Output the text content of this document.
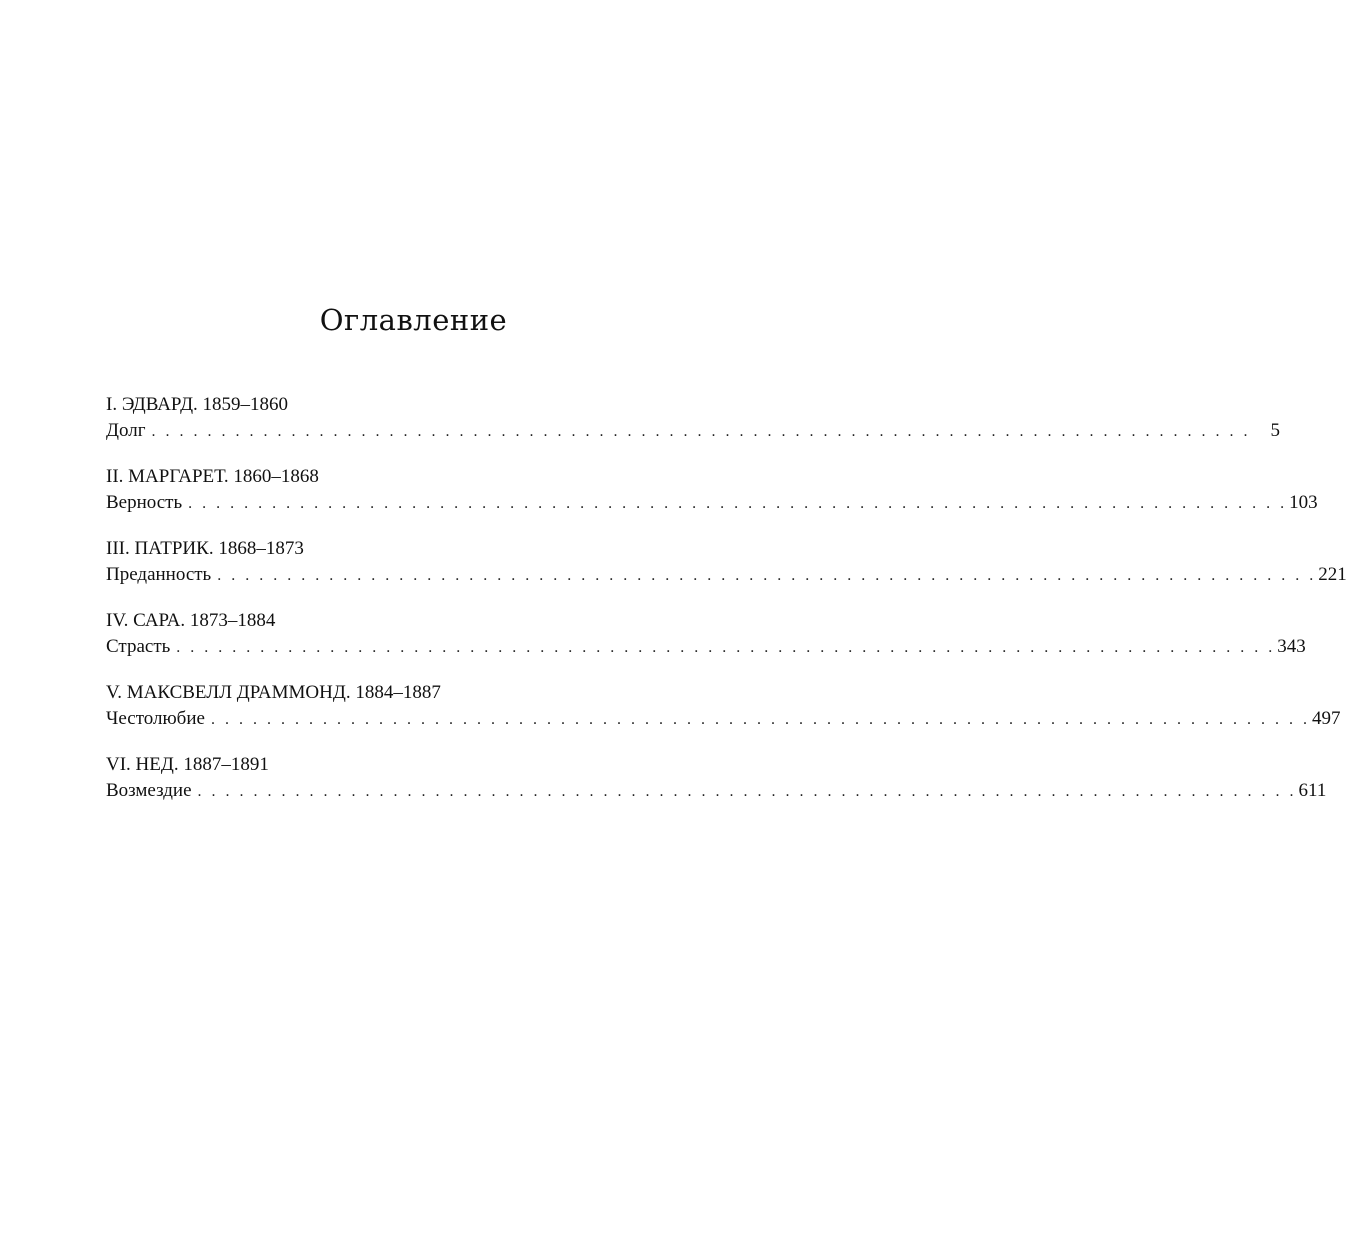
Оглавление
I. ЭДВАРД. 1859–1860
Долг . . . . . . . . . . . . . . . . . . . . . . . . . . . . . . . . . . . . . . . . . . . . . . . . . . . . . . . . . . . . . . . . . . . . . . . . . . . . . . .	5
II. МАРГАРЕТ. 1860–1868
Верность . . . . . . . . . . . . . . . . . . . . . . . . . . . . . . . . . . . . . . . . . . . . . . . . . . . . . . . . . . . . . . . . . . . . . . . . . . . . . . . 103
III. ПАТРИК. 1868–1873
Преданность . . . . . . . . . . . . . . . . . . . . . . . . . . . . . . . . . . . . . . . . . . . . . . . . . . . . . . . . . . . . . . . . . . . . . . . . . . . . . . . 221
IV. САРА. 1873–1884
Страсть . . . . . . . . . . . . . . . . . . . . . . . . . . . . . . . . . . . . . . . . . . . . . . . . . . . . . . . . . . . . . . . . . . . . . . . . . . . . . . . 343
V. МАКСВЕЛЛ ДРАММОНД. 1884–1887
Честолюбие . . . . . . . . . . . . . . . . . . . . . . . . . . . . . . . . . . . . . . . . . . . . . . . . . . . . . . . . . . . . . . . . . . . . . . . . . . . . . . . 497
VI. НЕД. 1887–1891
Возмездие . . . . . . . . . . . . . . . . . . . . . . . . . . . . . . . . . . . . . . . . . . . . . . . . . . . . . . . . . . . . . . . . . . . . . . . . . . . . . . . 611
